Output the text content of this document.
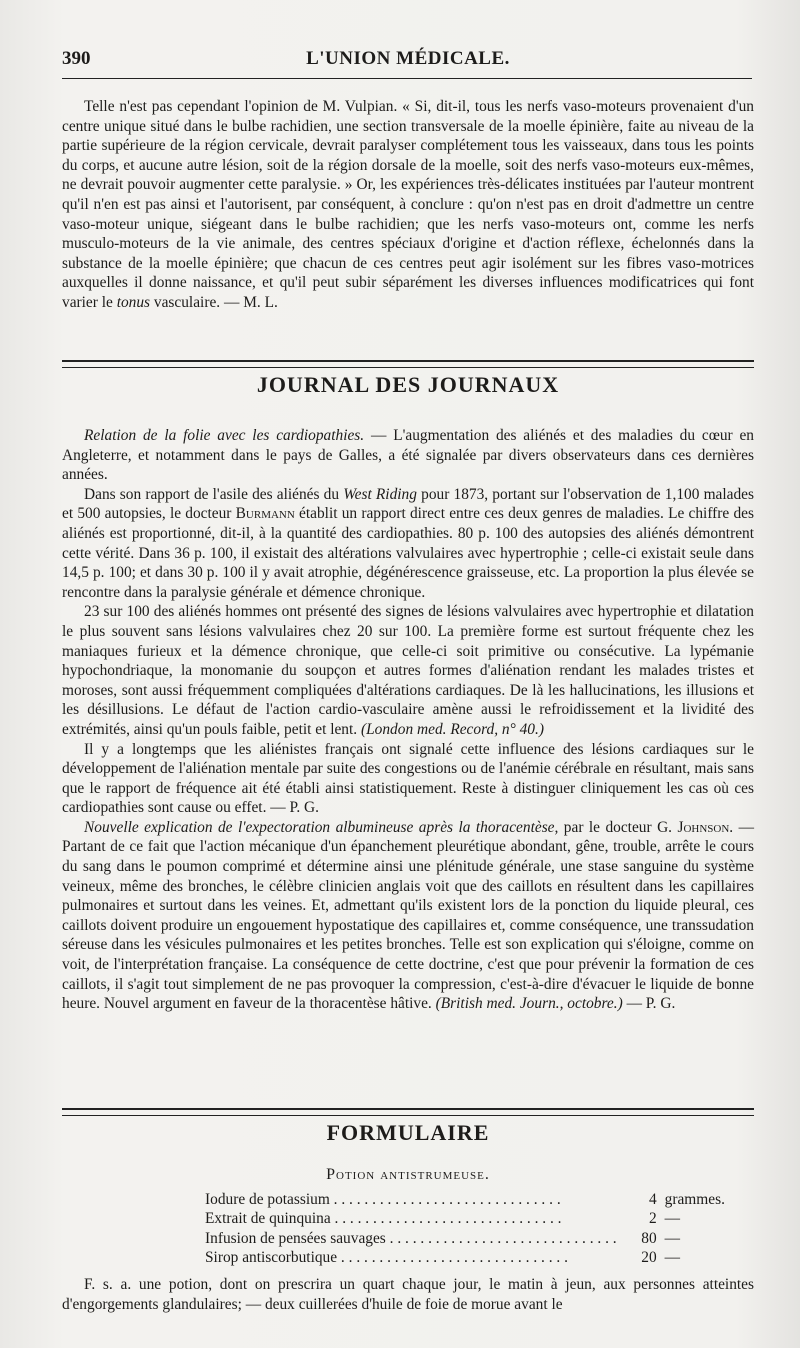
390	L'UNION MÉDICALE.

Telle n'est pas cependant l'opinion de M. Vulpian. « Si, dit-il, tous les nerfs vaso-moteurs provenaient d'un centre unique situé dans le bulbe rachidien, une section transversale de la moelle épinière, faite au niveau de la partie supérieure de la région cervicale, devrait paralyser complétement tous les vaisseaux, dans tous les points du corps, et aucune autre lésion, soit de la région dorsale de la moelle, soit des nerfs vaso-moteurs eux-mêmes, ne devrait pouvoir augmenter cette paralysie. » Or, les expériences très-délicates instituées par l'auteur montrent qu'il n'en est pas ainsi et l'autorisent, par conséquent, à conclure : qu'on n'est pas en droit d'admettre un centre vaso-moteur unique, siégeant dans le bulbe rachidien; que les nerfs vaso-moteurs ont, comme les nerfs musculo-moteurs de la vie animale, des centres spéciaux d'origine et d'action réflexe, échelonnés dans la substance de la moelle épinière; que chacun de ces centres peut agir isolément sur les fibres vaso-motrices auxquelles il donne naissance, et qu'il peut subir séparément les diverses influences modificatrices qui font varier le tonus vasculaire. — M. L.

JOURNAL DES JOURNAUX

Relation de la folie avec les cardiopathies. — L'augmentation des aliénés et des maladies du cœur en Angleterre, et notamment dans le pays de Galles, a été signalée par divers observateurs dans ces dernières années.

Dans son rapport de l'asile des aliénés du West Riding pour 1873, portant sur l'observation de 1,100 malades et 500 autopsies, le docteur Burmann établit un rapport direct entre ces deux genres de maladies. Le chiffre des aliénés est proportionné, dit-il, à la quantité des cardiopathies. 80 p. 100 des autopsies des aliénés démontrent cette vérité. Dans 36 p. 100, il existait des altérations valvulaires avec hypertrophie ; celle-ci existait seule dans 14,5 p. 100; et dans 30 p. 100 il y avait atrophie, dégénérescence graisseuse, etc. La proportion la plus élevée se rencontre dans la paralysie générale et démence chronique.

23 sur 100 des aliénés hommes ont présenté des signes de lésions valvulaires avec hypertrophie et dilatation le plus souvent sans lésions valvulaires chez 20 sur 100. La première forme est surtout fréquente chez les maniaques furieux et la démence chronique, que celle-ci soit primitive ou consécutive. La lypémanie hypochondriaque, la monomanie du soupçon et autres formes d'aliénation rendant les malades tristes et moroses, sont aussi fréquemment compliquées d'altérations cardiaques. De là les hallucinations, les illusions et les désillusions. Le défaut de l'action cardio-vasculaire amène aussi le refroidissement et la lividité des extrémités, ainsi qu'un pouls faible, petit et lent. (London med. Record, n° 40.)

Il y a longtemps que les aliénistes français ont signalé cette influence des lésions cardiaques sur le développement de l'aliénation mentale par suite des congestions ou de l'anémie cérébrale en résultant, mais sans que le rapport de fréquence ait été établi ainsi statistiquement. Reste à distinguer cliniquement les cas où ces cardiopathies sont cause ou effet. — P. G.

Nouvelle explication de l'expectoration albumineuse après la thoracentèse, par le docteur G. Johnson. — Partant de ce fait que l'action mécanique d'un épanchement pleurétique abondant, gêne, trouble, arrête le cours du sang dans le poumon comprimé et détermine ainsi une plénitude générale, une stase sanguine du système veineux, même des bronches, le célèbre clinicien anglais voit que des caillots en résultent dans les capillaires pulmonaires et surtout dans les veines. Et, admettant qu'ils existent lors de la ponction du liquide pleural, ces caillots doivent produire un engouement hypostatique des capillaires et, comme conséquence, une transsudation séreuse dans les vésicules pulmonaires et les petites bronches. Telle est son explication qui s'éloigne, comme on voit, de l'interprétation française. La conséquence de cette doctrine, c'est que pour prévenir la formation de ces caillots, il s'agit tout simplement de ne pas provoquer la compression, c'est-à-dire d'évacuer le liquide de bonne heure. Nouvel argument en faveur de la thoracentèse hâtive. (British med. Journ., octobre.) — P. G.

FORMULAIRE
Potion antistrumeuse.
Iodure de potassium . . . . . . . . . . . . . . . . . . . . . . . . . . . . . .	4	grammes.
Extrait de quinquina . . . . . . . . . . . . . . . . . . . . . . . . . . . . . .	2	—
Infusion de pensées sauvages . . . . . . . . . . . . . . . . . . . . . . . . . . . . . .	80	—
Sirop antiscorbutique . . . . . . . . . . . . . . . . . . . . . . . . . . . . . .	20	—

F. s. a. une potion, dont on prescrira un quart chaque jour, le matin à jeun, aux personnes atteintes d'engorgements glandulaires; — deux cuillerées d'huile de foie de morue avant le
